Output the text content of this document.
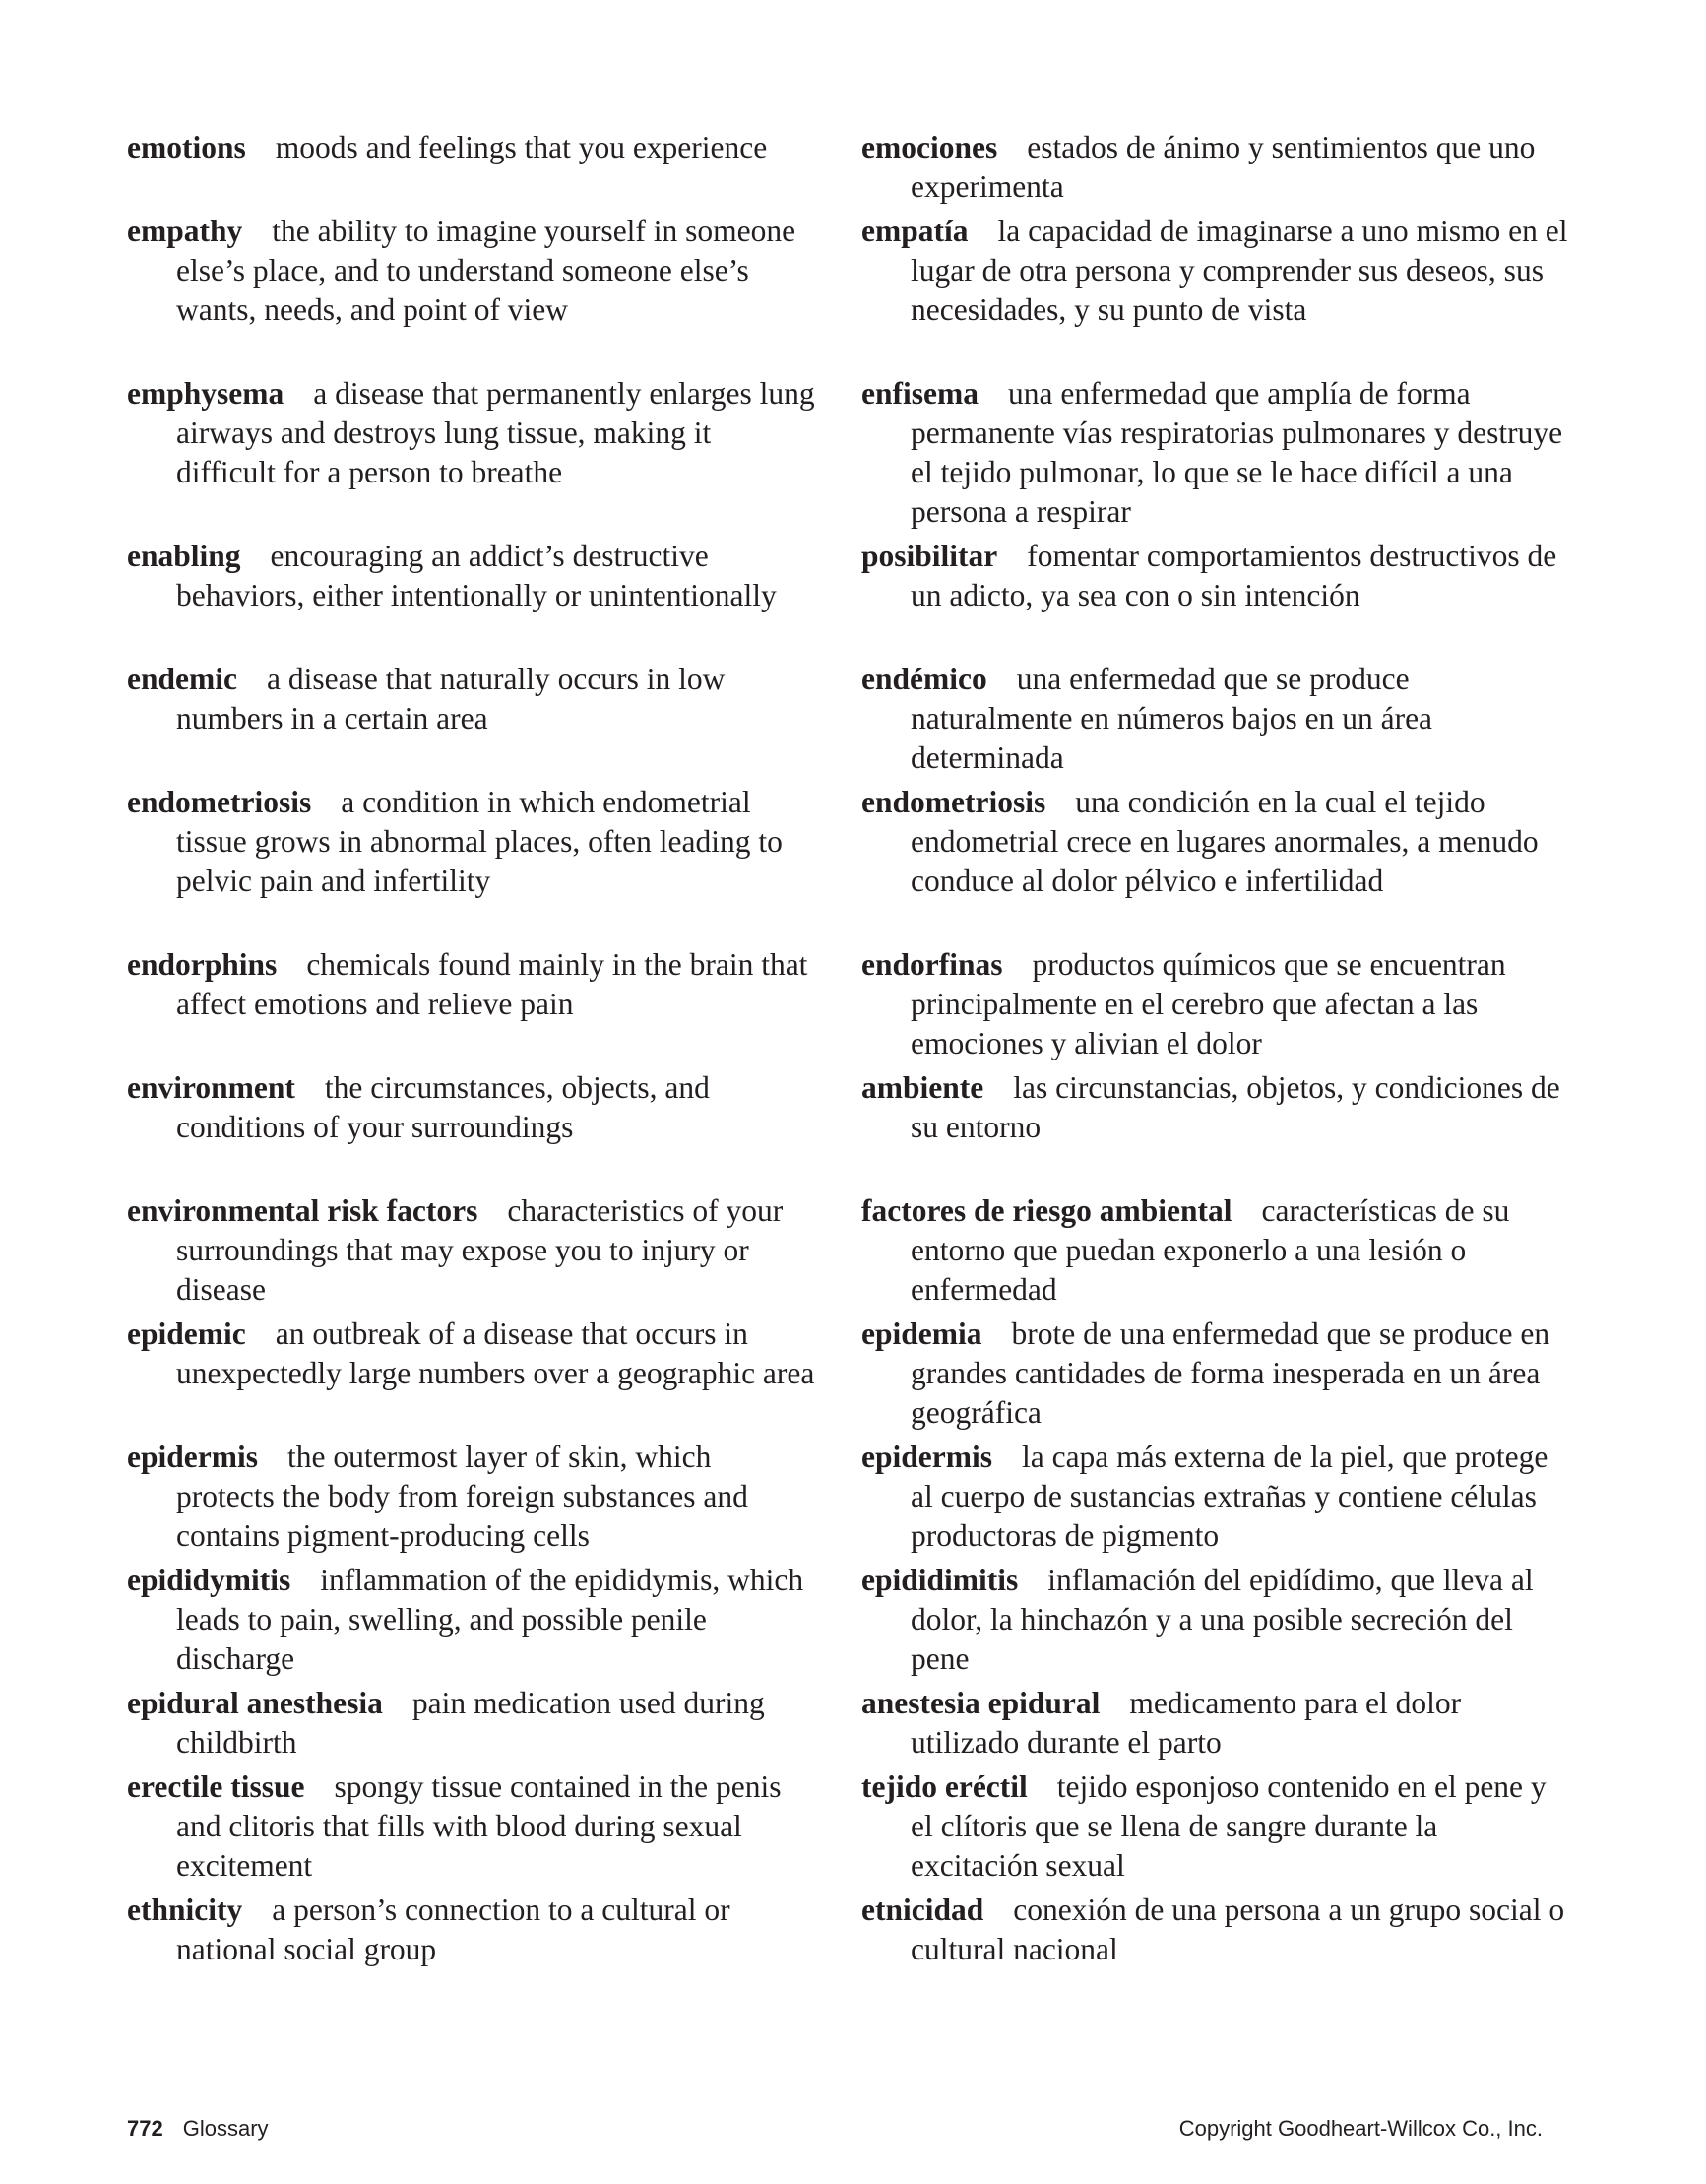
emotions moods and feelings that you experience
empathy the ability to imagine yourself in someone else’s place, and to understand someone else’s wants, needs, and point of view
emphysema a disease that permanently enlarges lung airways and destroys lung tissue, making it difficult for a person to breathe
enabling encouraging an addict’s destructive behaviors, either intentionally or unintentionally
endemic a disease that naturally occurs in low numbers in a certain area
endometriosis a condition in which endometrial tissue grows in abnormal places, often leading to pelvic pain and infertility
endorphins chemicals found mainly in the brain that affect emotions and relieve pain
environment the circumstances, objects, and conditions of your surroundings
environmental risk factors characteristics of your surroundings that may expose you to injury or disease
epidemic an outbreak of a disease that occurs in unexpectedly large numbers over a geographic area
epidermis the outermost layer of skin, which protects the body from foreign substances and contains pigment-producing cells
epididymitis inflammation of the epididymis, which leads to pain, swelling, and possible penile discharge
epidural anesthesia pain medication used during childbirth
erectile tissue spongy tissue contained in the penis and clitoris that fills with blood during sexual excitement
ethnicity a person’s connection to a cultural or national social group
emociones estados de ánimo y sentimientos que uno experimenta
empatía la capacidad de imaginarse a uno mismo en el lugar de otra persona y comprender sus deseos, sus necesidades, y su punto de vista
enfisema una enfermedad que amplía de forma permanente vías respiratorias pulmonares y destruye el tejido pulmonar, lo que se le hace difícil a una persona a respirar
posibilitar fomentar comportamientos destructivos de un adicto, ya sea con o sin intención
endémico una enfermedad que se produce naturalmente en números bajos en un área determinada
endometriosis una condición en la cual el tejido endometrial crece en lugares anormales, a menudo conduce al dolor pélvico e infertilidad
endorfinas productos químicos que se encuentran principalmente en el cerebro que afectan a las emociones y alivian el dolor
ambiente las circunstancias, objetos, y condiciones de su entorno
factores de riesgo ambiental características de su entorno que puedan exponerlo a una lesión o enfermedad
epidemia brote de una enfermedad que se produce en grandes cantidades de forma inesperada en un área geográfica
epidermis la capa más externa de la piel, que protege al cuerpo de sustancias extrañas y contiene células productoras de pigmento
epididimitis inflamación del epidídimo, que lleva al dolor, la hinchazón y a una posible secreción del pene
anestesia epidural medicamento para el dolor utilizado durante el parto
tejido eréctil tejido esponjoso contenido en el pene y el clítoris que se llena de sangre durante la excitación sexual
etnicidad conexión de una persona a un grupo social o cultural nacional
772 Glossary	Copyright Goodheart-Willcox Co., Inc.
